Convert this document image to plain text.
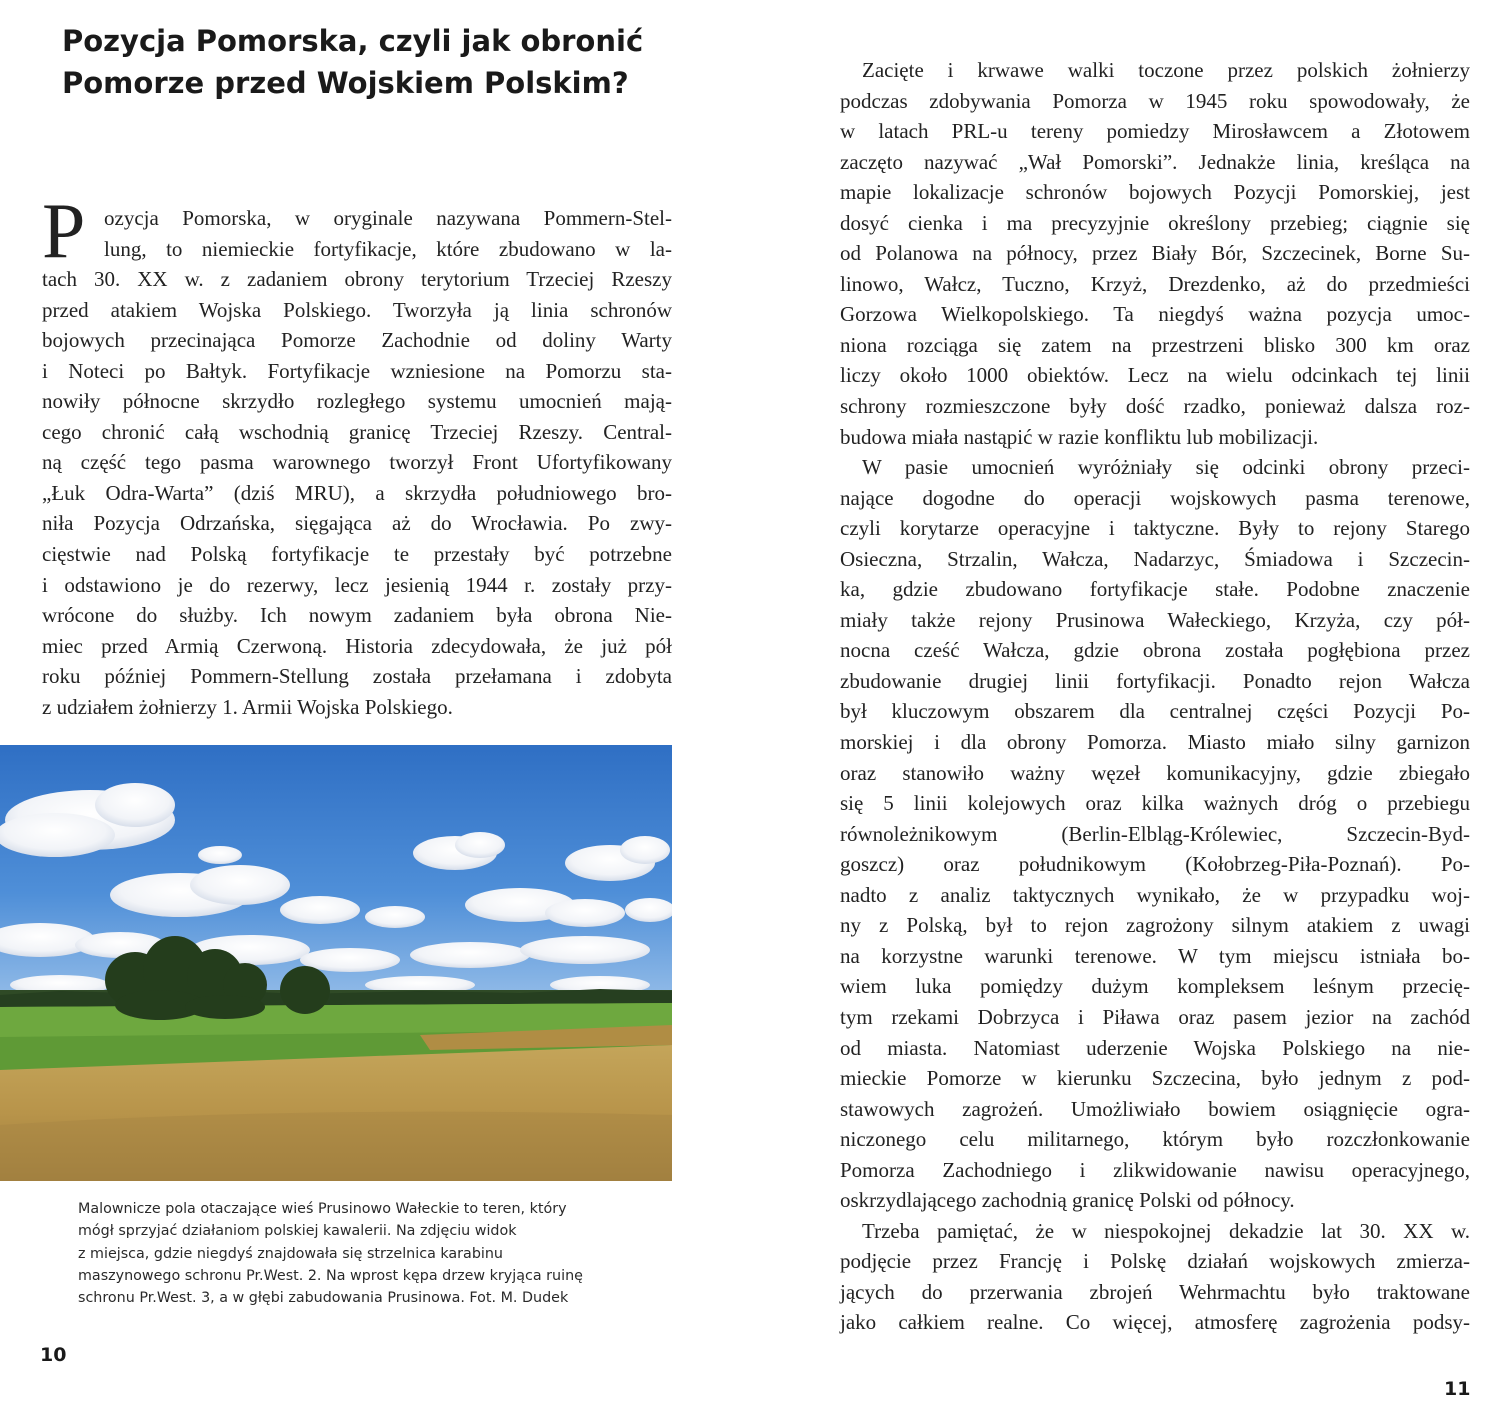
Pozycja Pomorska, czyli jak obronić
Pomorze przed Wojskiem Polskim?
P ozycja Pomorska, w oryginale nazywana Pommern-Stel-
lung, to niemieckie fortyfikacje, które zbudowano w la-
tach 30. XX w. z zadaniem obrony terytorium Trzeciej Rzeszy
przed atakiem Wojska Polskiego. Tworzyła ją linia schronów
bojowych przecinająca Pomorze Zachodnie od doliny Warty
i Noteci po Bałtyk. Fortyfikacje wzniesione na Pomorzu sta-
nowiły północne skrzydło rozległego systemu umocnień mają-
cego chronić całą wschodnią granicę Trzeciej Rzeszy. Central-
ną część tego pasma warownego tworzył Front Ufortyfikowany
„Łuk Odra-Warta” (dziś MRU), a skrzydła południowego bro-
niła Pozycja Odrzańska, sięgająca aż do Wrocławia. Po zwy-
cięstwie nad Polską fortyfikacje te przestały być potrzebne
i odstawiono je do rezerwy, lecz jesienią 1944 r. zostały przy-
wrócone do służby. Ich nowym zadaniem była obrona Nie-
miec przed Armią Czerwoną. Historia zdecydowała, że już pół
roku później Pommern-Stellung została przełamana i zdobyta
z udziałem żołnierzy 1. Armii Wojska Polskiego.
Malownicze pola otaczające wieś Prusinowo Wałeckie to teren, który
mógł sprzyjać działaniom polskiej kawalerii. Na zdjęciu widok
z miejsca, gdzie niegdyś znajdowała się strzelnica karabinu
maszynowego schronu Pr.West. 2. Na wprost kępa drzew kryjąca ruinę
schronu Pr.West. 3, a w głębi zabudowania Prusinowa. Fot. M. Dudek
10
Zacięte i krwawe walki toczone przez polskich żołnierzy
podczas zdobywania Pomorza w 1945 roku spowodowały, że
w latach PRL-u tereny pomiedzy Mirosławcem a Złotowem
zaczęto nazywać „Wał Pomorski”. Jednakże linia, kreśląca na
mapie lokalizacje schronów bojowych Pozycji Pomorskiej, jest
dosyć cienka i ma precyzyjnie określony przebieg; ciągnie się
od Polanowa na północy, przez Biały Bór, Szczecinek, Borne Su-
linowo, Wałcz, Tuczno, Krzyż, Drezdenko, aż do przedmieści
Gorzowa Wielkopolskiego. Ta niegdyś ważna pozycja umoc-
niona rozciąga się zatem na przestrzeni blisko 300 km oraz
liczy około 1000 obiektów. Lecz na wielu odcinkach tej linii
schrony rozmieszczone były dość rzadko, ponieważ dalsza roz-
budowa miała nastąpić w razie konfliktu lub mobilizacji.
W pasie umocnień wyróżniały się odcinki obrony przeci-
nające dogodne do operacji wojskowych pasma terenowe,
czyli korytarze operacyjne i taktyczne. Były to rejony Starego
Osieczna, Strzalin, Wałcza, Nadarzyc, Śmiadowa i Szczecin-
ka, gdzie zbudowano fortyfikacje stałe. Podobne znaczenie
miały także rejony Prusinowa Wałeckiego, Krzyża, czy pół-
nocna cześć Wałcza, gdzie obrona została pogłębiona przez
zbudowanie drugiej linii fortyfikacji. Ponadto rejon Wałcza
był kluczowym obszarem dla centralnej części Pozycji Po-
morskiej i dla obrony Pomorza. Miasto miało silny garnizon
oraz stanowiło ważny węzeł komunikacyjny, gdzie zbiegało
się 5 linii kolejowych oraz kilka ważnych dróg o przebiegu
równoleżnikowym (Berlin-Elbląg-Królewiec, Szczecin-Byd-
goszcz) oraz południkowym (Kołobrzeg-Piła-Poznań). Po-
nadto z analiz taktycznych wynikało, że w przypadku woj-
ny z Polską, był to rejon zagrożony silnym atakiem z uwagi
na korzystne warunki terenowe. W tym miejscu istniała bo-
wiem luka pomiędzy dużym kompleksem leśnym przecię-
tym rzekami Dobrzyca i Piława oraz pasem jezior na zachód
od miasta. Natomiast uderzenie Wojska Polskiego na nie-
mieckie Pomorze w kierunku Szczecina, było jednym z pod-
stawowych zagrożeń. Umożliwiało bowiem osiągnięcie ogra-
niczonego celu militarnego, którym było rozczłonkowanie
Pomorza Zachodniego i zlikwidowanie nawisu operacyjnego,
oskrzydlającego zachodnią granicę Polski od północy.
Trzeba pamiętać, że w niespokojnej dekadzie lat 30. XX w.
podjęcie przez Francję i Polskę działań wojskowych zmierza-
jących do przerwania zbrojeń Wehrmachtu było traktowane
jako całkiem realne. Co więcej, atmosferę zagrożenia podsy-
11
